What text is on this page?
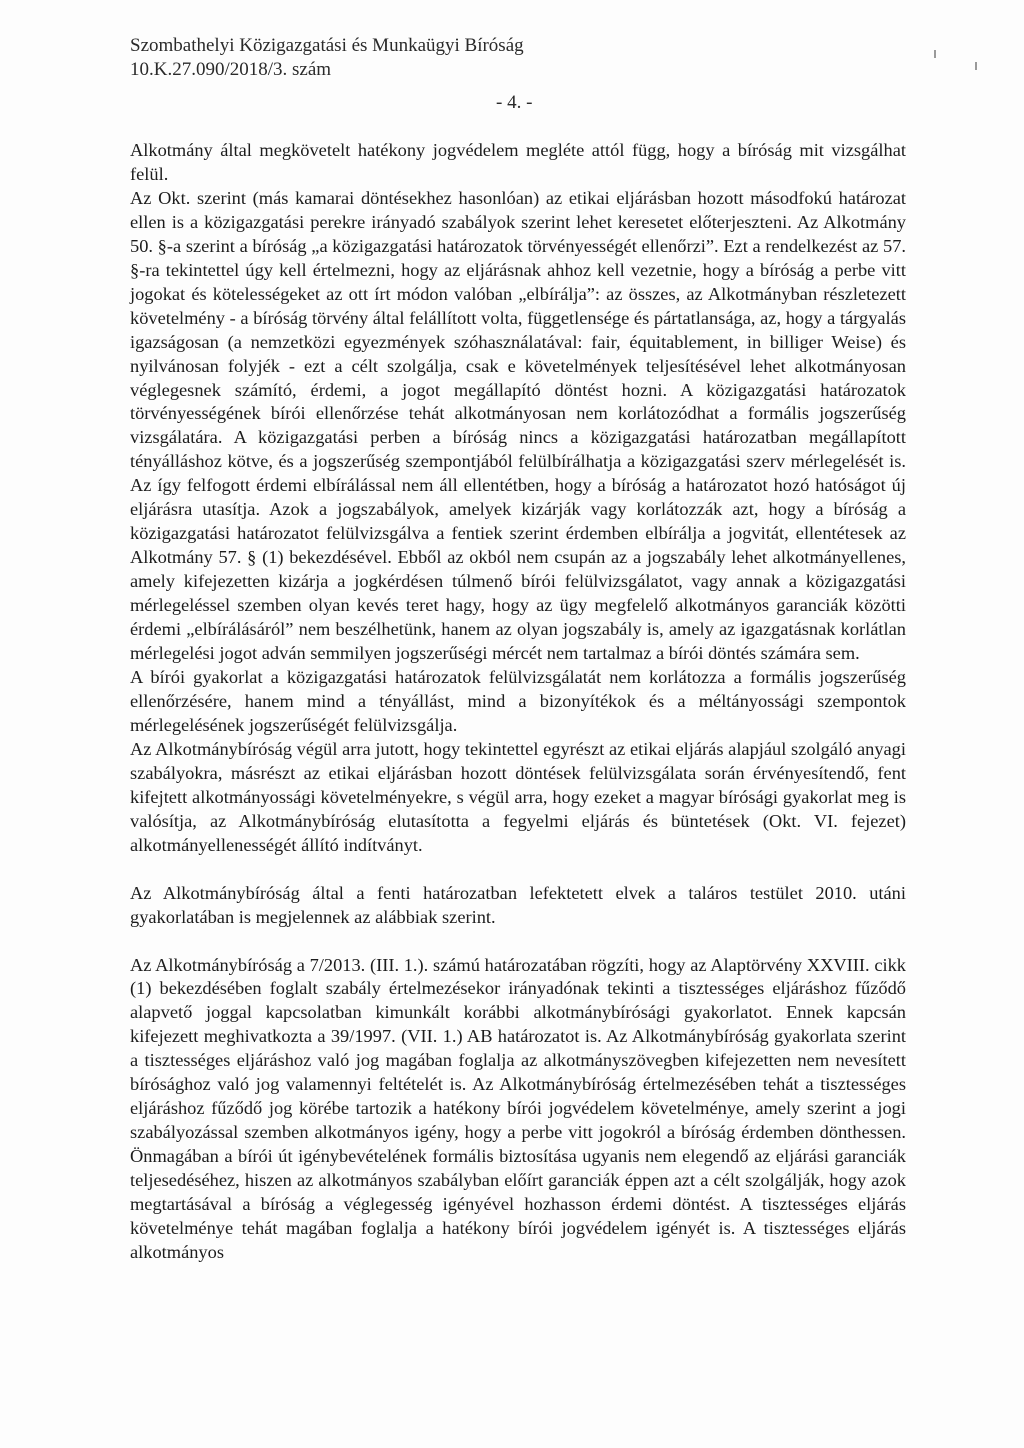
Szombathelyi Közigazgatási és Munkaügyi Bíróság
10.K.27.090/2018/3. szám
- 4. -

Alkotmány által megkövetelt hatékony jogvédelem megléte attól függ, hogy a bíróság mit vizsgálhat felül.

Az Okt. szerint (más kamarai döntésekhez hasonlóan) az etikai eljárásban hozott másodfokú határozat ellen is a közigazgatási perekre irányadó szabályok szerint lehet keresetet előterjeszteni. Az Alkotmány 50. §-a szerint a bíróság „a közigazgatási határozatok törvényességét ellenőrzi”. Ezt a rendelkezést az 57. §-ra tekintettel úgy kell értelmezni, hogy az eljárásnak ahhoz kell vezetnie, hogy a bíróság a perbe vitt jogokat és kötelességeket az ott írt módon valóban „elbírálja”: az összes, az Alkotmányban részletezett követelmény - a bíróság törvény által felállított volta, függetlensége és pártatlansága, az, hogy a tárgyalás igazságosan (a nemzetközi egyezmények szóhasználatával: fair, équitablement, in billiger Weise) és nyilvánosan folyjék - ezt a célt szolgálja, csak e követelmények teljesítésével lehet alkotmányosan véglegesnek számító, érdemi, a jogot megállapító döntést hozni. A közigazgatási határozatok törvényességének bírói ellenőrzése tehát alkotmányosan nem korlátozódhat a formális jogszerűség vizsgálatára. A közigazgatási perben a bíróság nincs a közigazgatási határozatban megállapított tényálláshoz kötve, és a jogszerűség szempontjából felülbírálhatja a közigazgatási szerv mérlegelését is. Az így felfogott érdemi elbírálással nem áll ellentétben, hogy a bíróság a határozatot hozó hatóságot új eljárásra utasítja. Azok a jogszabályok, amelyek kizárják vagy korlátozzák azt, hogy a bíróság a közigazgatási határozatot felülvizsgálva a fentiek szerint érdemben elbírálja a jogvitát, ellentétesek az Alkotmány 57. § (1) bekezdésével. Ebből az okból nem csupán az a jogszabály lehet alkotmányellenes, amely kifejezetten kizárja a jogkérdésen túlmenő bírói felülvizsgálatot, vagy annak a közigazgatási mérlegeléssel szemben olyan kevés teret hagy, hogy az ügy megfelelő alkotmányos garanciák közötti érdemi „elbírálásáról” nem beszélhetünk, hanem az olyan jogszabály is, amely az igazgatásnak korlátlan mérlegelési jogot adván semmilyen jogszerűségi mércét nem tartalmaz a bírói döntés számára sem.

A bírói gyakorlat a közigazgatási határozatok felülvizsgálatát nem korlátozza a formális jogszerűség ellenőrzésére, hanem mind a tényállást, mind a bizonyítékok és a méltányossági szempontok mérlegelésének jogszerűségét felülvizsgálja.

Az Alkotmánybíróság végül arra jutott, hogy tekintettel egyrészt az etikai eljárás alapjául szolgáló anyagi szabályokra, másrészt az etikai eljárásban hozott döntések felülvizsgálata során érvényesítendő, fent kifejtett alkotmányossági követelményekre, s végül arra, hogy ezeket a magyar bírósági gyakorlat meg is valósítja, az Alkotmánybíróság elutasította a fegyelmi eljárás és büntetések (Okt. VI. fejezet) alkotmányellenességét állító indítványt.

Az Alkotmánybíróság által a fenti határozatban lefektetett elvek a taláros testület 2010. utáni gyakorlatában is megjelennek az alábbiak szerint.

Az Alkotmánybíróság a 7/2013. (III. 1.). számú határozatában rögzíti, hogy az Alaptörvény XXVIII. cikk (1) bekezdésében foglalt szabály értelmezésekor irányadónak tekinti a tisztességes eljáráshoz fűződő alapvető joggal kapcsolatban kimunkált korábbi alkotmánybírósági gyakorlatot. Ennek kapcsán kifejezett meghivatkozta a 39/1997. (VII. 1.) AB határozatot is. Az Alkotmánybíróság gyakorlata szerint a tisztességes eljáráshoz való jog magában foglalja az alkotmányszövegben kifejezetten nem nevesített bírósághoz való jog valamennyi feltételét is. Az Alkotmánybíróság értelmezésében tehát a tisztességes eljáráshoz fűződő jog körébe tartozik a hatékony bírói jogvédelem követelménye, amely szerint a jogi szabályozással szemben alkotmányos igény, hogy a perbe vitt jogokról a bíróság érdemben dönthessen. Önmagában a bírói út igénybevételének formális biztosítása ugyanis nem elegendő az eljárási garanciák teljesedéséhez, hiszen az alkotmányos szabályban előírt garanciák éppen azt a célt szolgálják, hogy azok megtartásával a bíróság a véglegesség igényével hozhasson érdemi döntést. A tisztességes eljárás követelménye tehát magában foglalja a hatékony bírói jogvédelem igényét is. A tisztességes eljárás alkotmányos
